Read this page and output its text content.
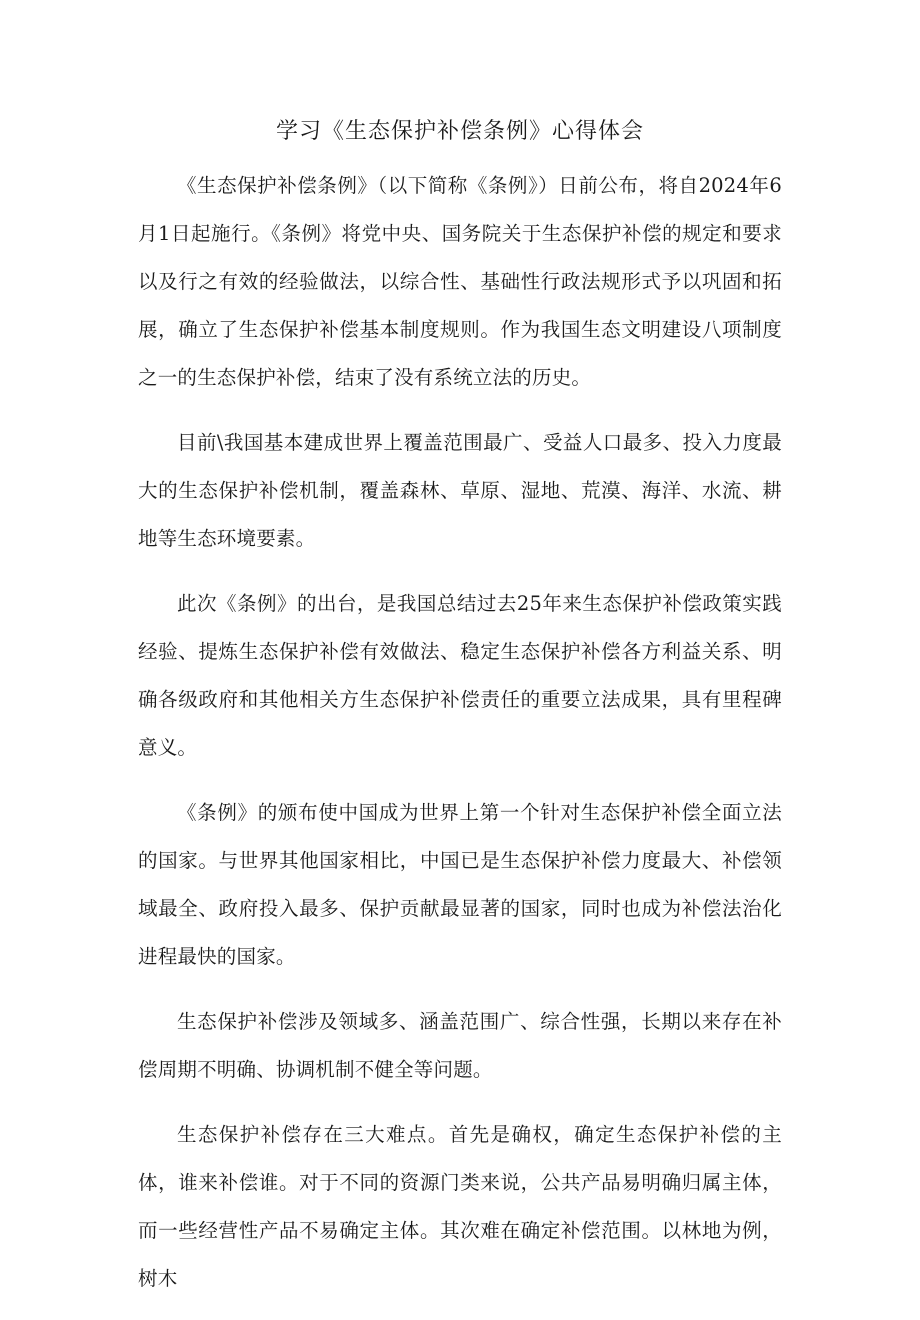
学习《生态保护补偿条例》心得体会

《生态保护补偿条例》（以下简称《条例》）日前公布，将自2024年6月1日起施行。《条例》将党中央、国务院关于生态保护补偿的规定和要求以及行之有效的经验做法，以综合性、基础性行政法规形式予以巩固和拓展，确立了生态保护补偿基本制度规则。作为我国生态文明建设八项制度之一的生态保护补偿，结束了没有系统立法的历史。

目前\我国基本建成世界上覆盖范围最广、受益人口最多、投入力度最大的生态保护补偿机制，覆盖森林、草原、湿地、荒漠、海洋、水流、耕地等生态环境要素。

此次《条例》的出台，是我国总结过去25年来生态保护补偿政策实践经验、提炼生态保护补偿有效做法、稳定生态保护补偿各方利益关系、明确各级政府和其他相关方生态保护补偿责任的重要立法成果，具有里程碑意义。

《条例》的颁布使中国成为世界上第一个针对生态保护补偿全面立法的国家。与世界其他国家相比，中国已是生态保护补偿力度最大、补偿领域最全、政府投入最多、保护贡献最显著的国家，同时也成为补偿法治化进程最快的国家。

生态保护补偿涉及领域多、涵盖范围广、综合性强，长期以来存在补偿周期不明确、协调机制不健全等问题。

生态保护补偿存在三大难点。首先是确权，确定生态保护补偿的主体，谁来补偿谁。对于不同的资源门类来说，公共产品易明确归属主体，而一些经营性产品不易确定主体。其次难在确定补偿范围。以林地为例，树木
